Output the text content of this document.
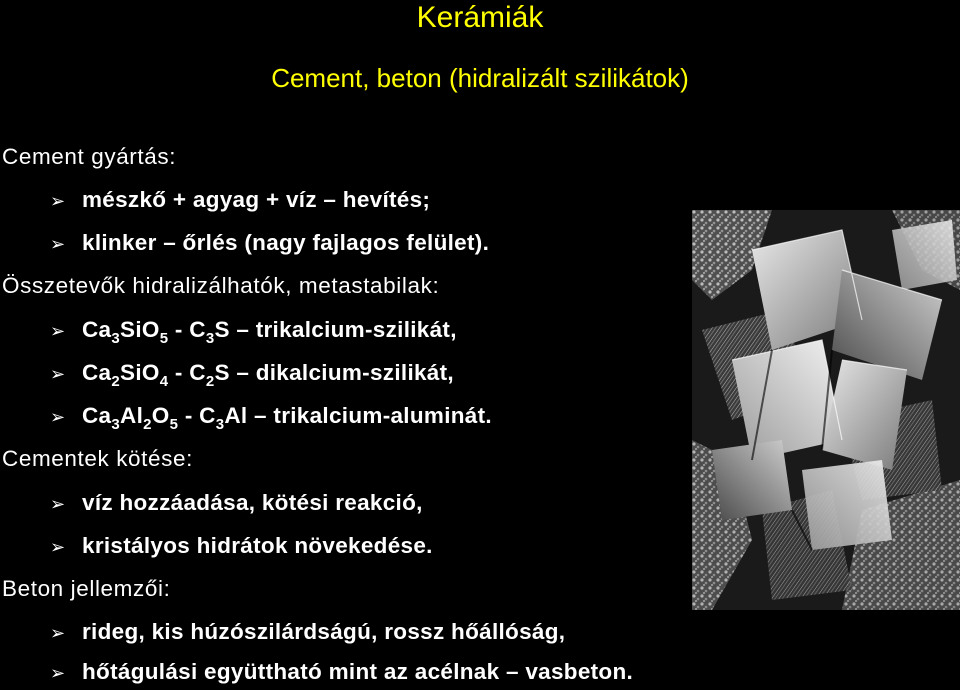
Kerámiák
Cement, beton (hidralizált szilikátok)
Cement gyártás:
➢ mészkő + agyag + víz – hevítés;
➢ klinker – őrlés (nagy fajlagos felület).
Összetevők hidralizálhatók, metastabilak:
➢ $Ca_3SiO_5 - C_3S$ – trikalcium-szilikát,
➢ $Ca_2SiO_4 - C_2S$ – dikalcium-szilikát,
➢ $Ca_3Al_2O_5 - C_3Al$ – trikalcium-aluminát.
Cementek kötése:
➢ víz hozzáadása, kötési reakció,
➢ kristályos hidrátok növekedése.
Beton jellemzői:
➢ rideg, kis húzószilárdságú, rossz hőállóság,
➢ hőtágulási együttható mint az acélnak – vasbeton.
